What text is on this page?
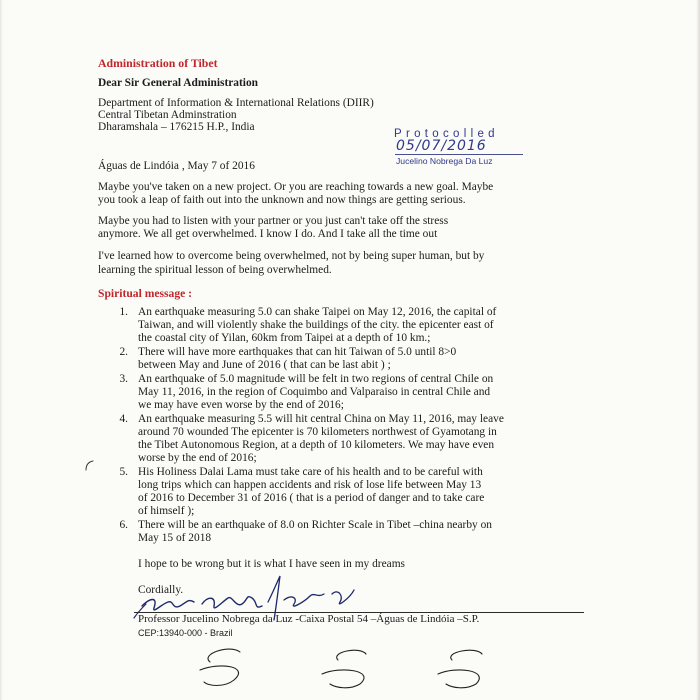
Administration of Tibet
Dear Sir General Administration
Department of Information & International Relations (DIIR)
Central Tibetan Adminstration
Dharamshala – 176215 H.P., India
Protocolled
05/07/2016
Jucelino Nobrega Da Luz
Águas de Lindóia , May 7 of 2016
Maybe you've taken on a new project. Or you are reaching towards a new goal. Maybe
you took a leap of faith out into the unknown and now things are getting serious.
Maybe you had to listen with your partner or you just can't take off the stress
anymore. We all get overwhelmed. I know I do. And I take all the time out
I've learned how to overcome being overwhelmed, not by being super human, but by
learning the spiritual lesson of being overwhelmed.
Spiritual message :
1. An earthquake measuring 5.0 can shake Taipei on May 12, 2016, the capital of
Taiwan, and will violently shake the buildings of the city. the epicenter east of
the coastal city of Yilan, 60km from Taipei at a depth of 10 km.;
2. There will have more earthquakes that can hit Taiwan of 5.0 until 8>0
between May and June of 2016 ( that can be last abit ) ;
3. An earthquake of 5.0 magnitude will be felt in two regions of central Chile on
May 11, 2016, in the region of Coquimbo and Valparaiso in central Chile and
we may have even worse by the end of 2016;
4. An earthquake measuring 5.5 will hit central China on May 11, 2016, may leave
around 70 wounded The epicenter is 70 kilometers northwest of Gyamotang in
the Tibet Autonomous Region, at a depth of 10 kilometers. We may have even
worse by the end of 2016;
5. His Holiness Dalai Lama must take care of his health and to be careful with
long trips which can happen accidents and risk of lose life between May 13
of 2016 to December 31 of 2016 ( that is a period of danger and to take care
of himself );
6. There will be an earthquake of 8.0 on Richter Scale in Tibet –china nearby on
May 15 of 2018
I hope to be wrong but it is what I have seen in my dreams
Cordially.
Professor Jucelino Nobrega da Luz -Caixa Postal 54 –Águas de Lindóia –S.P.
CEP:13940-000 - Brazil
